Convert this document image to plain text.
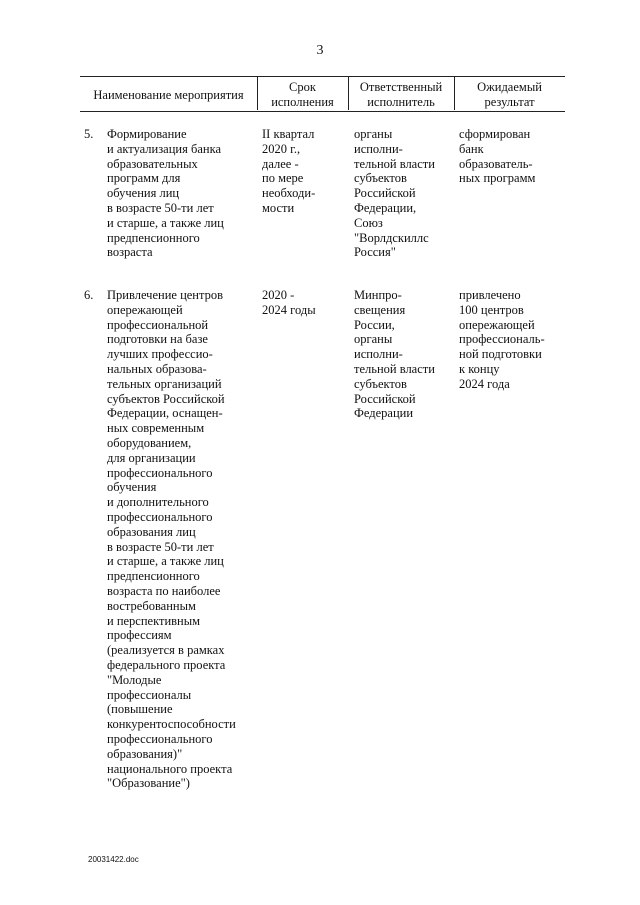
3
Наименование мероприятия
Срок
исполнения
Ответственный
исполнитель
Ожидаемый
результат
5. Формирование
и актуализация банка
образовательных
программ для
обучения лиц
в возрасте 50-ти лет
и старше, а также лиц
предпенсионного
возраста
II квартал
2020 г.,
далее -
по мере
необходи-
мости
органы
исполни-
тельной власти
субъектов
Российской
Федерации,
Союз
"Ворлдскиллс
Россия"
сформирован
банк
образователь-
ных программ
6. Привлечение центров
опережающей
профессиональной
подготовки на базе
лучших профессио-
нальных образова-
тельных организаций
субъектов Российской
Федерации, оснащен-
ных современным
оборудованием,
для организации
профессионального
обучения
и дополнительного
профессионального
образования лиц
в возрасте 50-ти лет
и старше, а также лиц
предпенсионного
возраста по наиболее
востребованным
и перспективным
профессиям
(реализуется в рамках
федерального проекта
"Молодые
профессионалы
(повышение
конкурентоспособности
профессионального
образования)"
национального проекта
"Образование")
2020 -
2024 годы
Минпро-
свещения
России,
органы
исполни-
тельной власти
субъектов
Российской
Федерации
привлечено
100 центров
опережающей
профессиональ-
ной подготовки
к концу
2024 года
20031422.doc
